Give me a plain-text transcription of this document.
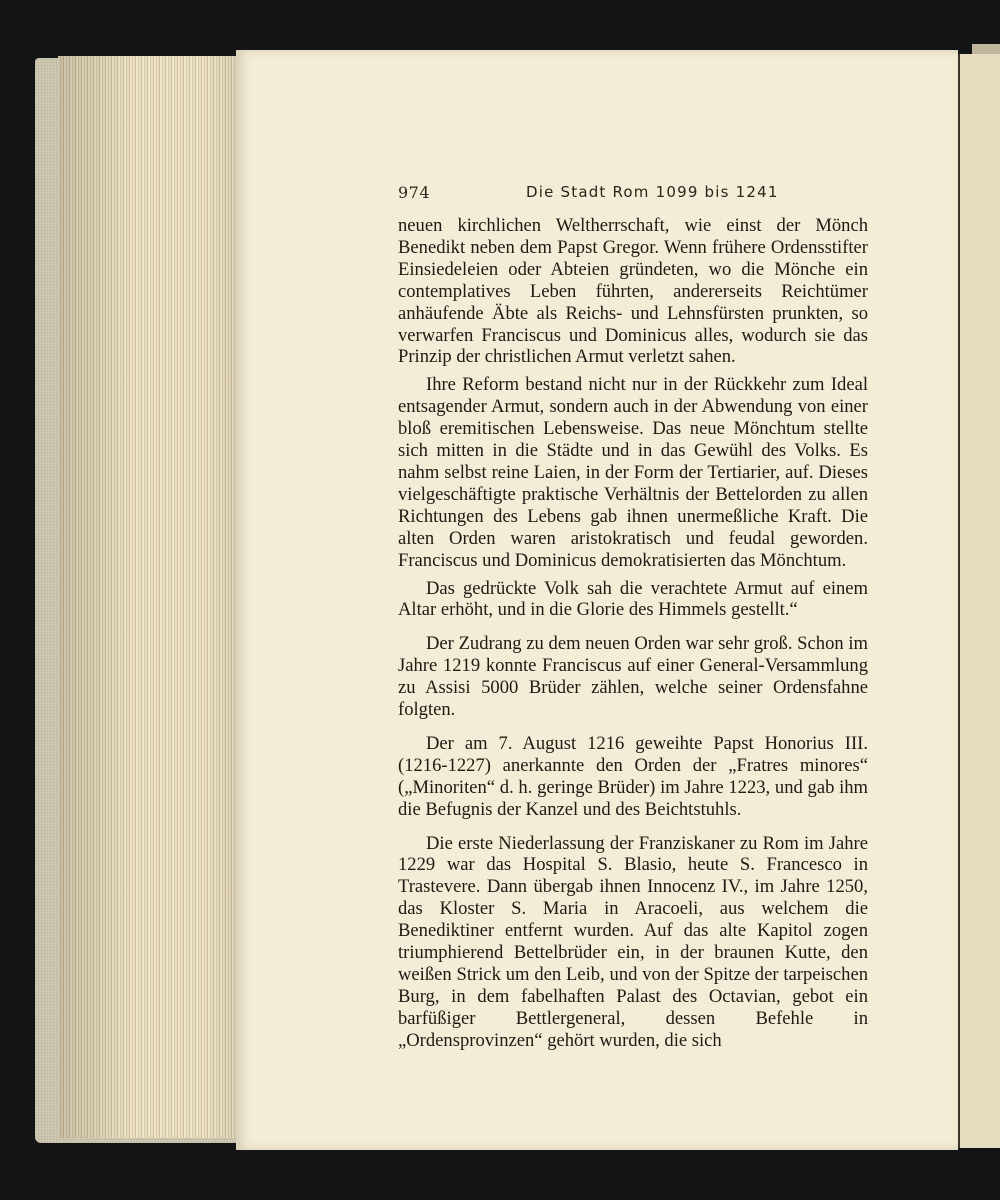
974	Die Stadt Rom 1099 bis 1241

neuen kirchlichen Weltherrschaft, wie einst der Mönch Benedikt neben dem Papst Gregor. Wenn frühere Ordensstifter Einsiedeleien oder Abteien gründeten, wo die Mönche ein contemplatives Leben führten, andererseits Reichtümer anhäufende Äbte als Reichs- und Lehnsfürsten prunkten, so verwarfen Franciscus und Dominicus alles, wodurch sie das Prinzip der christlichen Armut verletzt sahen.

Ihre Reform bestand nicht nur in der Rückkehr zum Ideal entsagender Armut, sondern auch in der Abwendung von einer bloß eremitischen Lebensweise. Das neue Mönchtum stellte sich mitten in die Städte und in das Gewühl des Volks. Es nahm selbst reine Laien, in der Form der Tertiarier, auf. Dieses vielgeschäftigte praktische Verhältnis der Bettelorden zu allen Richtungen des Lebens gab ihnen unermeßliche Kraft. Die alten Orden waren aristokratisch und feudal geworden. Franciscus und Dominicus demokratisierten das Mönchtum.

Das gedrückte Volk sah die verachtete Armut auf einem Altar erhöht, und in die Glorie des Himmels gestellt.“

Der Zudrang zu dem neuen Orden war sehr groß. Schon im Jahre 1219 konnte Franciscus auf einer General-Versammlung zu Assisi 5000 Brüder zählen, welche seiner Ordensfahne folgten.

Der am 7. August 1216 geweihte Papst Honorius III. (1216-1227) anerkannte den Orden der „Fratres minores“ („Minoriten“ d. h. geringe Brüder) im Jahre 1223, und gab ihm die Befugnis der Kanzel und des Beichtstuhls.

Die erste Niederlassung der Franziskaner zu Rom im Jahre 1229 war das Hospital S. Blasio, heute S. Francesco in Trastevere. Dann übergab ihnen Innocenz IV., im Jahre 1250, das Kloster S. Maria in Aracoeli, aus welchem die Benediktiner entfernt wurden. Auf das alte Kapitol zogen triumphierend Bettelbrüder ein, in der braunen Kutte, den weißen Strick um den Leib, und von der Spitze der tarpeischen Burg, in dem fabelhaften Palast des Octavian, gebot ein barfüßiger Bettlergeneral, dessen Befehle in „Ordensprovinzen“ gehört wurden, die sich
